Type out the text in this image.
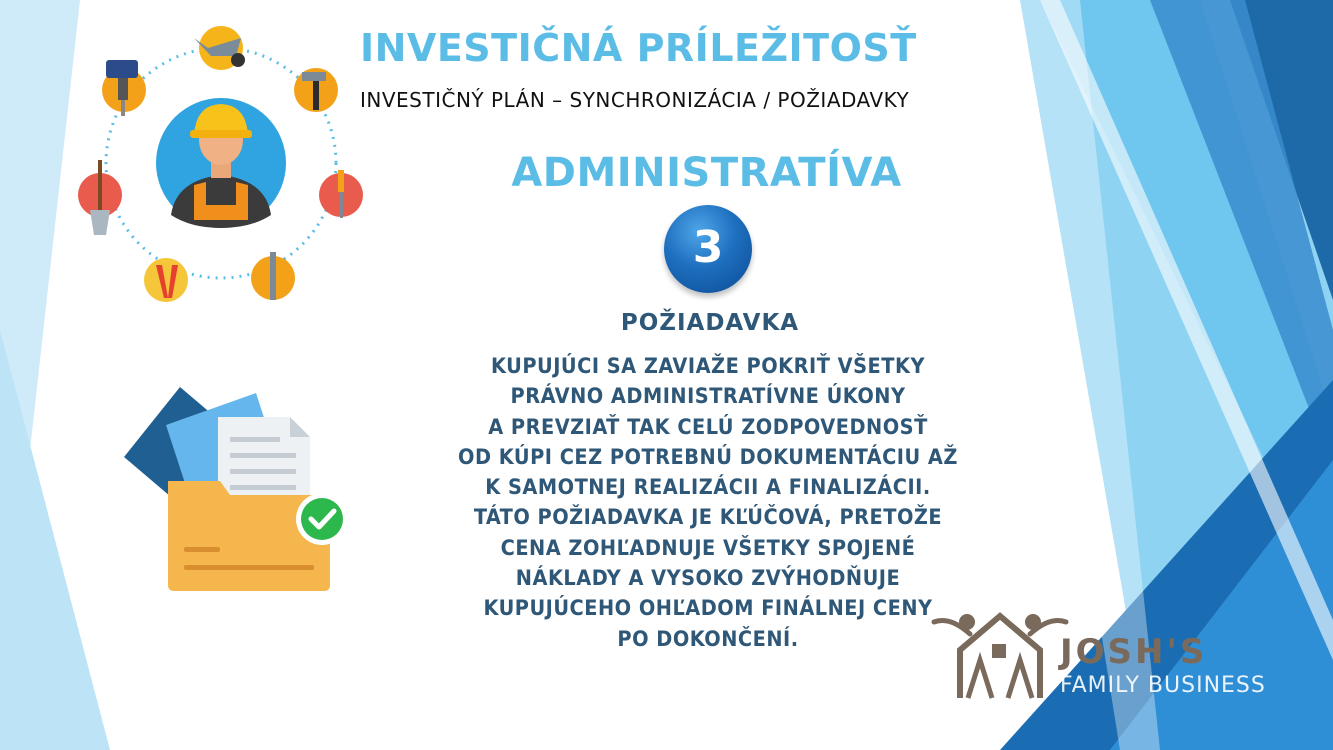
INVESTIČNÁ PRÍLEŽITOSŤ

INVESTIČNÝ PLÁN – SYNCHRONIZÁCIA / POŽIADAVKY

ADMINISTRATÍVA
3
POŽIADAVKA
KUPUJÚCI SA ZAVIAŽE POKRIŤ VŠETKY
PRÁVNO ADMINISTRATÍVNE ÚKONY
A PREVZIAŤ TAK CELÚ ZODPOVEDNOSŤ
OD KÚPI CEZ POTREBNÚ DOKUMENTÁCIU AŽ
K SAMOTNEJ REALIZÁCII A FINALIZÁCII.
TÁTO POŽIADAVKA JE KĽÚČOVÁ, PRETOŽE
CENA ZOHĽADNUJE VŠETKY SPOJENÉ
NÁKLADY A VYSOKO ZVÝHODŇUJE
KUPUJÚCEHO OHĽADOM FINÁLNEJ CENY
PO DOKONČENÍ.	JOSH'S
FAMILY BUSINESS
